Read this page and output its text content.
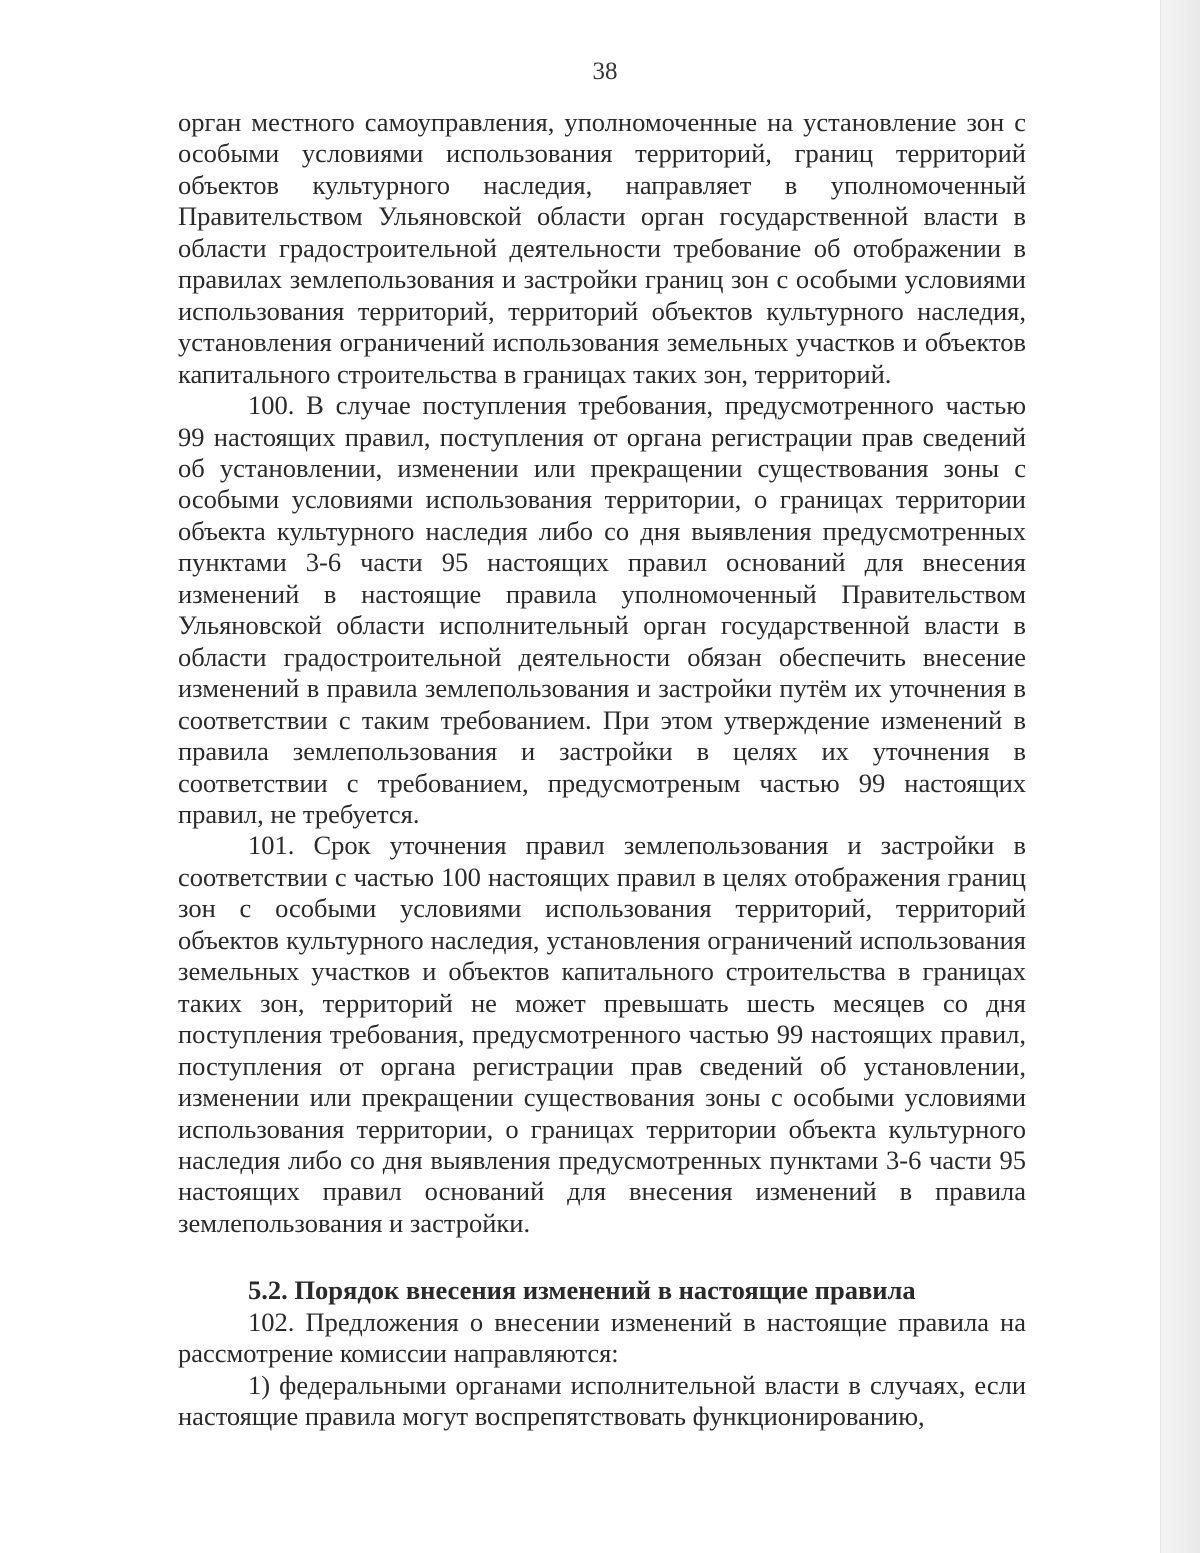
38

орган местного самоуправления, уполномоченные на установление зон с особыми условиями использования территорий, границ территорий объектов культурного наследия, направляет в уполномоченный Правительством Ульяновской области орган государственной власти в области градостроительной деятельности требование об отображении в правилах землепользования и застройки границ зон с особыми условиями использования территорий, территорий объектов культурного наследия, установления ограничений использования земельных участков и объектов капитального строительства в границах таких зон, территорий.

100. В случае поступления требования, предусмотренного частью 99 настоящих правил, поступления от органа регистрации прав сведений об установлении, изменении или прекращении существования зоны с особыми условиями использования территории, о границах территории объекта культурного наследия либо со дня выявления предусмотренных пунктами 3-6 части 95 настоящих правил оснований для внесения изменений в настоящие правила уполномоченный Правительством Ульяновской области исполнительный орган государственной власти в области градостроительной деятельности обязан обеспечить внесение изменений в правила землепользования и застройки путём их уточнения в соответствии с таким требованием. При этом утверждение изменений в правила землепользования и застройки в целях их уточнения в соответствии с требованием, предусмотреным частью 99 настоящих правил, не требуется.

101. Срок уточнения правил землепользования и застройки в соответствии с частью 100 настоящих правил в целях отображения границ зон с особыми условиями использования территорий, территорий объектов культурного наследия, установления ограничений использования земельных участков и объектов капитального строительства в границах таких зон, территорий не может превышать шесть месяцев со дня поступления требования, предусмотренного частью 99 настоящих правил, поступления от органа регистрации прав сведений об установлении, изменении или прекращении существования зоны с особыми условиями использования территории, о границах территории объекта культурного наследия либо со дня выявления предусмотренных пунктами 3-6 части 95 настоящих правил оснований для внесения изменений в правила землепользования и застройки.

5.2. Порядок внесения изменений в настоящие правила

102. Предложения о внесении изменений в настоящие правила на рассмотрение комиссии направляются:

1) федеральными органами исполнительной власти в случаях, если настоящие правила могут воспрепятствовать функционированию,
